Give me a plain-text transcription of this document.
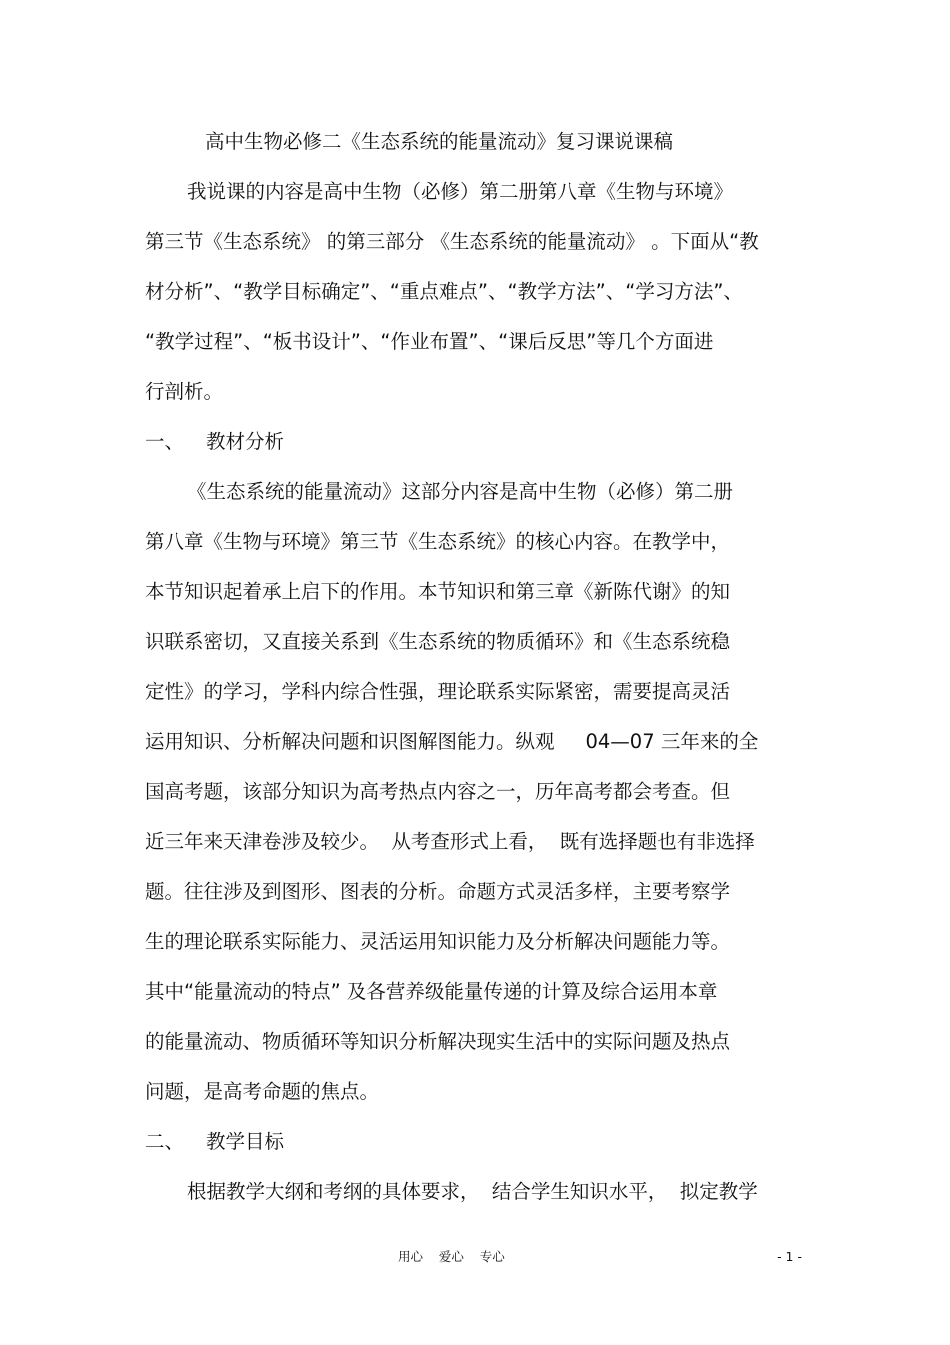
高中生物必修二《生态系统的能量流动》复习课说课稿
我说课的内容是高中生物（必修）第二册第八章《生物与环境》
第三节《生态系统》 的第三部分 《生态系统的能量流动》 。下面从“教
材分析”、“教学目标确定”、“重点难点”、“教学方法”、“学习方法”、
“教学过程”、“板书设计”、“作业布置”、“课后反思”等几个方面进
行剖析。
一、 教材分析
《生态系统的能量流动》这部分内容是高中生物（必修）第二册
第八章《生物与环境》第三节《生态系统》的核心内容。在教学中，
本节知识起着承上启下的作用。本节知识和第三章《新陈代谢》的知
识联系密切，又直接关系到《生态系统的物质循环》和《生态系统稳
定性》的学习，学科内综合性强，理论联系实际紧密，需要提高灵活
运用知识、分析解决问题和识图解图能力。纵观     04—07 三年来的全
国高考题，该部分知识为高考热点内容之一，历年高考都会考查。但
近三年来天津卷涉及较少。  从考查形式上看，  既有选择题也有非选择
题。往往涉及到图形、图表的分析。命题方式灵活多样，主要考察学
生的理论联系实际能力、灵活运用知识能力及分析解决问题能力等。
其中“能量流动的特点” 及各营养级能量传递的计算及综合运用本章
的能量流动、物质循环等知识分析解决现实生活中的实际问题及热点
问题，是高考命题的焦点。
二、 教学目标
根据教学大纲和考纲的具体要求，  结合学生知识水平，  拟定教学
用心    爱心    专心	- 1 -
